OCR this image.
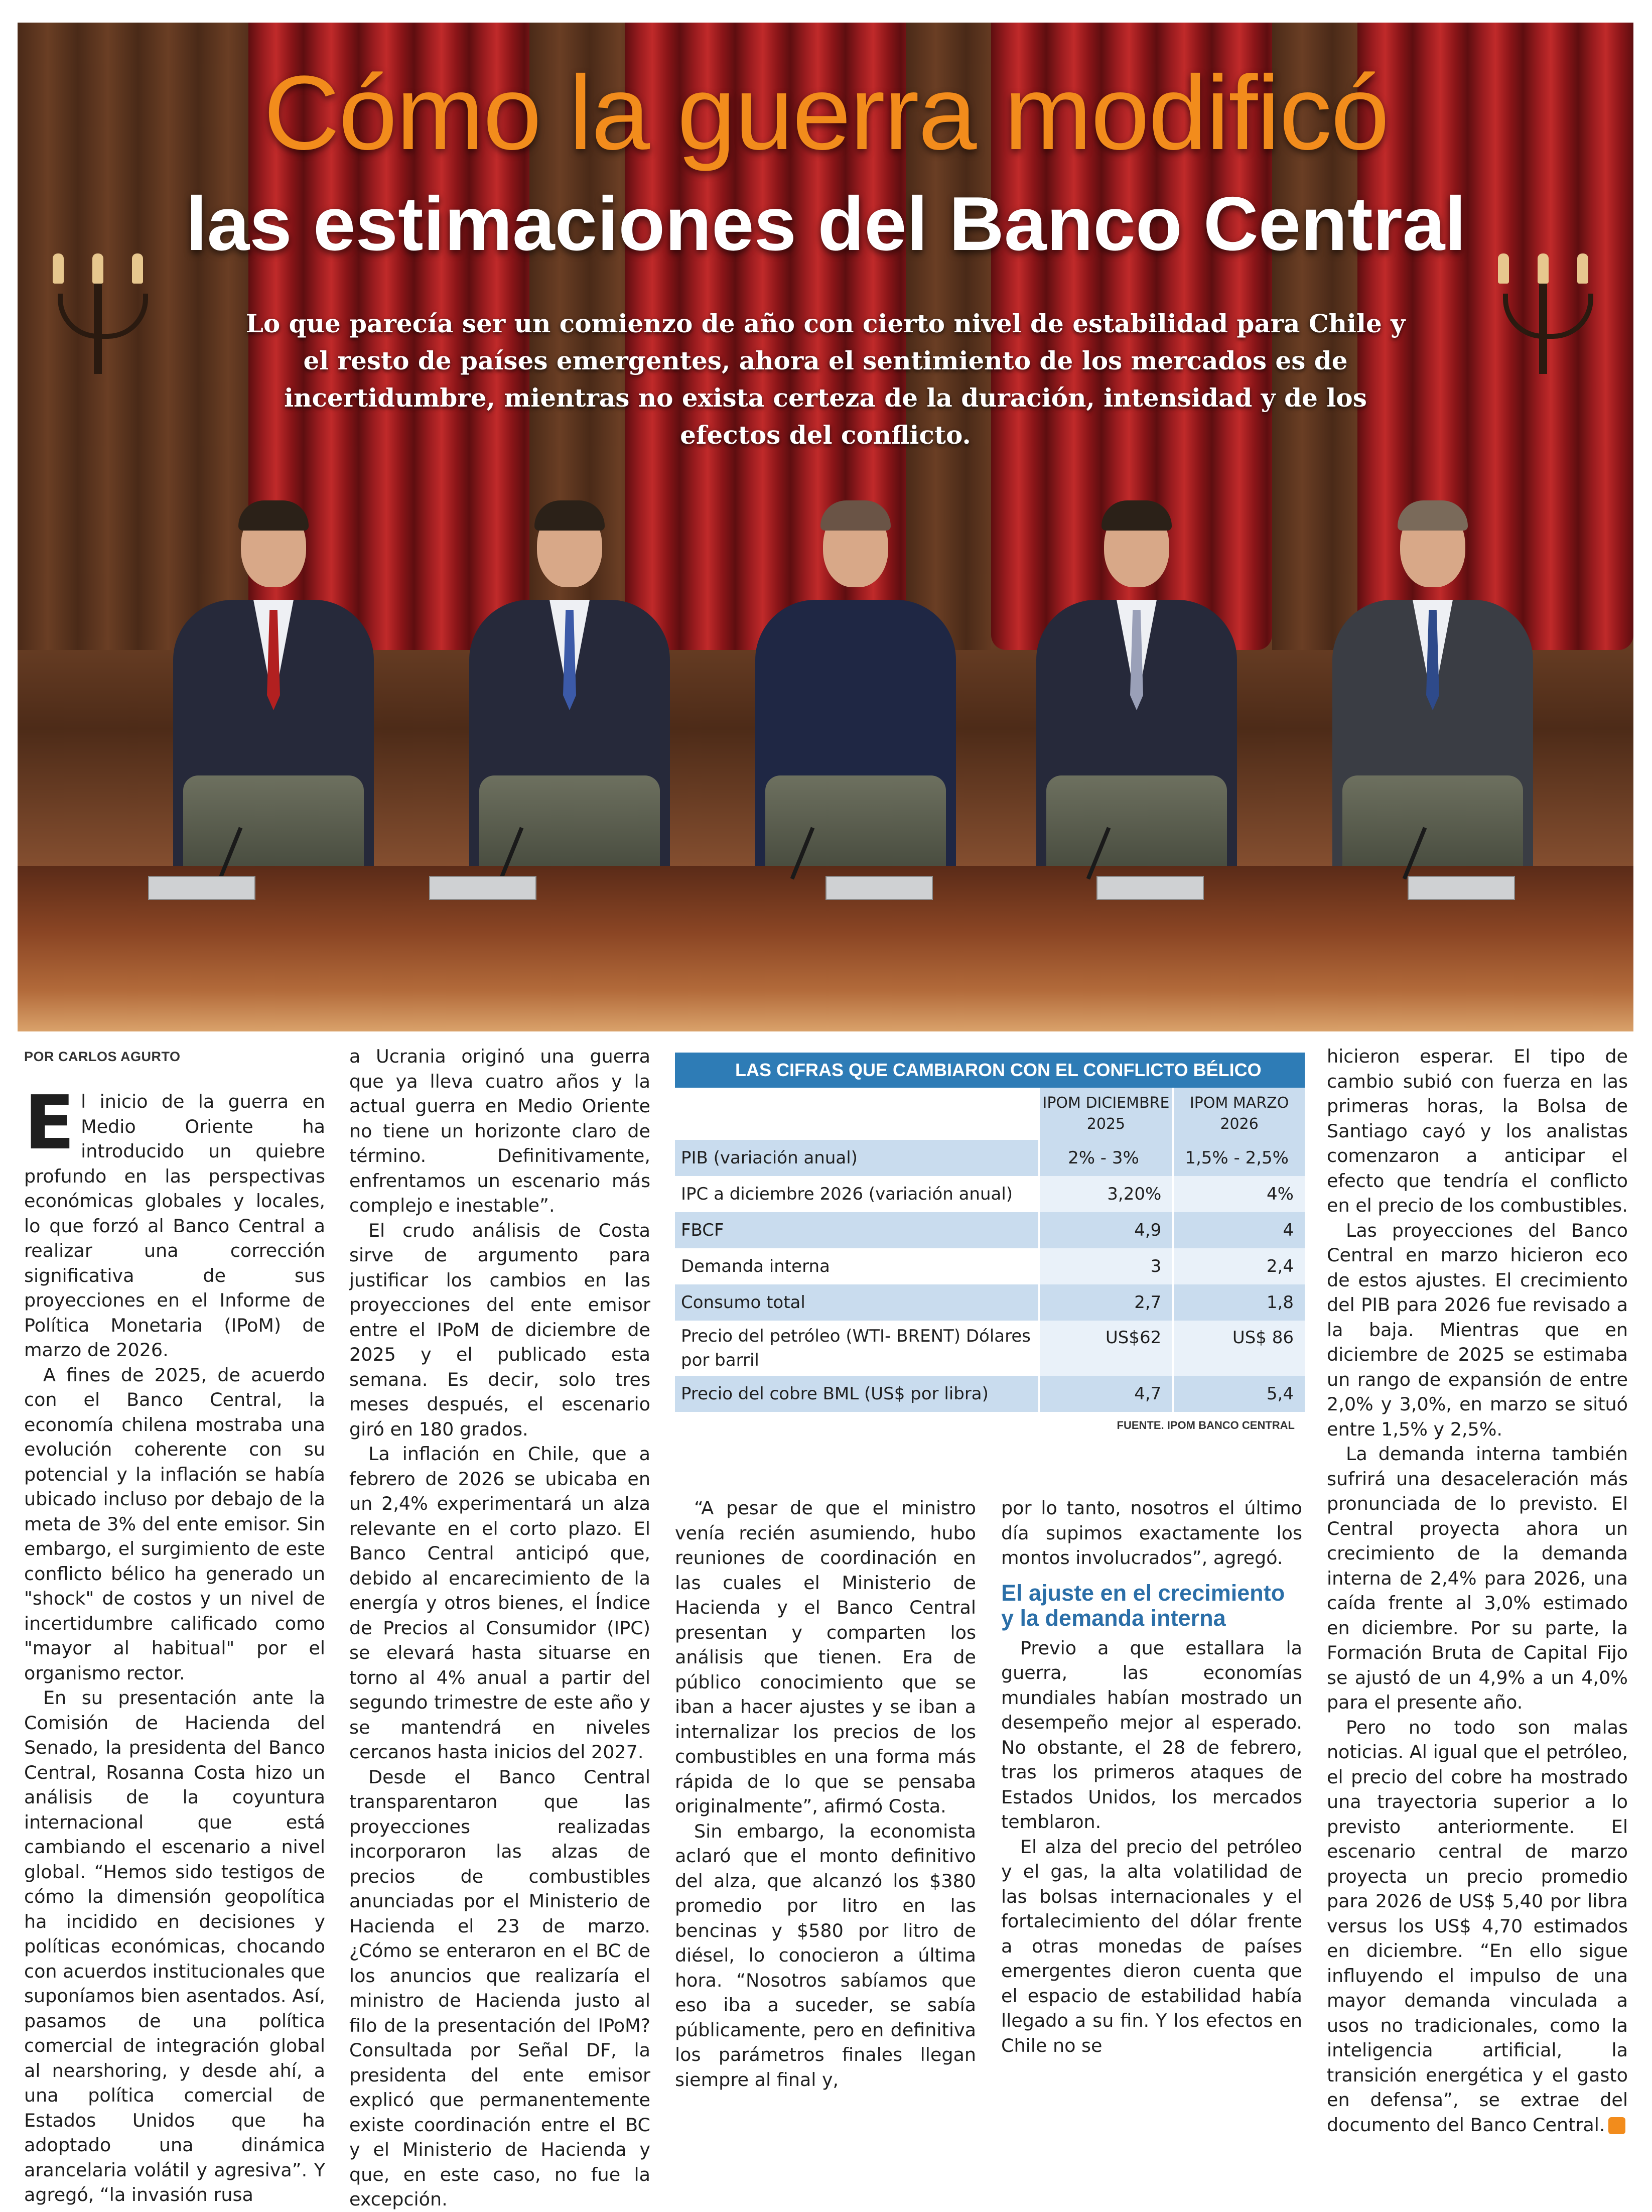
Cómo la guerra modificó
las estimaciones del Banco Central
Lo que parecía ser un comienzo de año con cierto nivel de estabilidad para Chile y el resto de países emergentes, ahora el sentimiento de los mercados es de incertidumbre, mientras no exista certeza de la duración, intensidad y de los efectos del conflicto.
POR CARLOS AGURTO

El inicio de la guerra en Medio Oriente ha introducido un quiebre profundo en las perspectivas económicas globales y locales, lo que forzó al Banco Central a realizar una corrección significativa de sus proyecciones en el Informe de Política Monetaria (IPoM) de marzo de 2026.

A fines de 2025, de acuerdo con el Banco Central, la economía chilena mostraba una evolución coherente con su potencial y la inflación se había ubicado incluso por debajo de la meta de 3% del ente emisor. Sin embargo, el surgimiento de este conflicto bélico ha generado un "shock" de costos y un nivel de incertidumbre calificado como "mayor al habitual" por el organismo rector.

En su presentación ante la Comisión de Hacienda del Senado, la presidenta del Banco Central, Rosanna Costa hizo un análisis de la coyuntura internacional que está cambiando el escenario a nivel global. “Hemos sido testigos de cómo la dimensión geopolítica ha incidido en decisiones y políticas económicas, chocando con acuerdos institucionales que suponíamos bien asentados. Así, pasamos de una política comercial de integración global al nearshoring, y desde ahí, a una política comercial de Estados Unidos que ha adoptado una dinámica arancelaria volátil y agresiva”. Y agregó, “la invasión rusa

a Ucrania originó una guerra que ya lleva cuatro años y la actual guerra en Medio Oriente no tiene un horizonte claro de término. Definitivamente, enfrentamos un escenario más complejo e inestable”.

El crudo análisis de Costa sirve de argumento para justificar los cambios en las proyecciones del ente emisor entre el IPoM de diciembre de 2025 y el publicado esta semana. Es decir, solo tres meses después, el escenario giró en 180 grados.

La inflación en Chile, que a febrero de 2026 se ubicaba en un 2,4% experimentará un alza relevante en el corto plazo. El Banco Central anticipó que, debido al encarecimiento de la energía y otros bienes, el Índice de Precios al Consumidor (IPC) se elevará hasta situarse en torno al 4% anual a partir del segundo trimestre de este año y se mantendrá en niveles cercanos hasta inicios del 2027.

Desde el Banco Central transparentaron que las proyecciones realizadas incorporaron las alzas de precios de combustibles anunciadas por el Ministerio de Hacienda el 23 de marzo. ¿Cómo se enteraron en el BC de los anuncios que realizaría el ministro de Hacienda justo al filo de la presentación del IPoM? Consultada por Señal DF, la presidenta del ente emisor explicó que permanentemente existe coordinación entre el BC y el Ministerio de Hacienda y que, en este caso, no fue la excepción.

LAS CIFRAS QUE CAMBIARON CON EL CONFLICTO BÉLICO
	IPOM DICIEMBRE 2025	IPOM MARZO 2026
PIB (variación anual)	2% - 3%	1,5% - 2,5%
IPC a diciembre 2026 (variación anual)	3,20%	4%
FBCF	4,9	4
Demanda interna	3	2,4
Consumo total	2,7	1,8
Precio del petróleo (WTI- BRENT) Dólares por barril	US$62	US$ 86
Precio del cobre BML (US$ por libra)	4,7	5,4
FUENTE. IPOM BANCO CENTRAL

“A pesar de que el ministro venía recién asumiendo, hubo reuniones de coordinación en las cuales el Ministerio de Hacienda y el Banco Central presentan y comparten los análisis que tienen. Era de público conocimiento que se iban a hacer ajustes y se iban a internalizar los precios de los combustibles en una forma más rápida de lo que se pensaba originalmente”, afirmó Costa.

Sin embargo, la economista aclaró que el monto definitivo del alza, que alcanzó los $380 promedio por litro en las bencinas y $580 por litro de diésel, lo conocieron a última hora. “Nosotros sabíamos que eso iba a suceder, se sabía públicamente, pero en definitiva los parámetros finales llegan siempre al final y,

por lo tanto, nosotros el último día supimos exactamente los montos involucrados”, agregó.

El ajuste en el crecimiento y la demanda interna

Previo a que estallara la guerra, las economías mundiales habían mostrado un desempeño mejor al esperado. No obstante, el 28 de febrero, tras los primeros ataques de Estados Unidos, los mercados temblaron.

El alza del precio del petróleo y el gas, la alta volatilidad de las bolsas internacionales y el fortalecimiento del dólar frente a otras monedas de países emergentes dieron cuenta que el espacio de estabilidad había llegado a su fin. Y los efectos en Chile no se

hicieron esperar. El tipo de cambio subió con fuerza en las primeras horas, la Bolsa de Santiago cayó y los analistas comenzaron a anticipar el efecto que tendría el conflicto en el precio de los combustibles.

Las proyecciones del Banco Central en marzo hicieron eco de estos ajustes. El crecimiento del PIB para 2026 fue revisado a la baja. Mientras que en diciembre de 2025 se estimaba un rango de expansión de entre 2,0% y 3,0%, en marzo se situó entre 1,5% y 2,5%.

La demanda interna también sufrirá una desaceleración más pronunciada de lo previsto. El Central proyecta ahora un crecimiento de la demanda interna de 2,4% para 2026, una caída frente al 3,0% estimado en diciembre. Por su parte, la Formación Bruta de Capital Fijo se ajustó de un 4,9% a un 4,0% para el presente año.

Pero no todo son malas noticias. Al igual que el petróleo, el precio del cobre ha mostrado una trayectoria superior a lo previsto anteriormente. El escenario central de marzo proyecta un precio promedio para 2026 de US$ 5,40 por libra versus los US$ 4,70 estimados en diciembre. “En ello sigue influyendo el impulso de una mayor demanda vinculada a usos no tradicionales, como la inteligencia artificial, la transición energética y el gasto en defensa”, se extrae del documento del Banco Central. S
